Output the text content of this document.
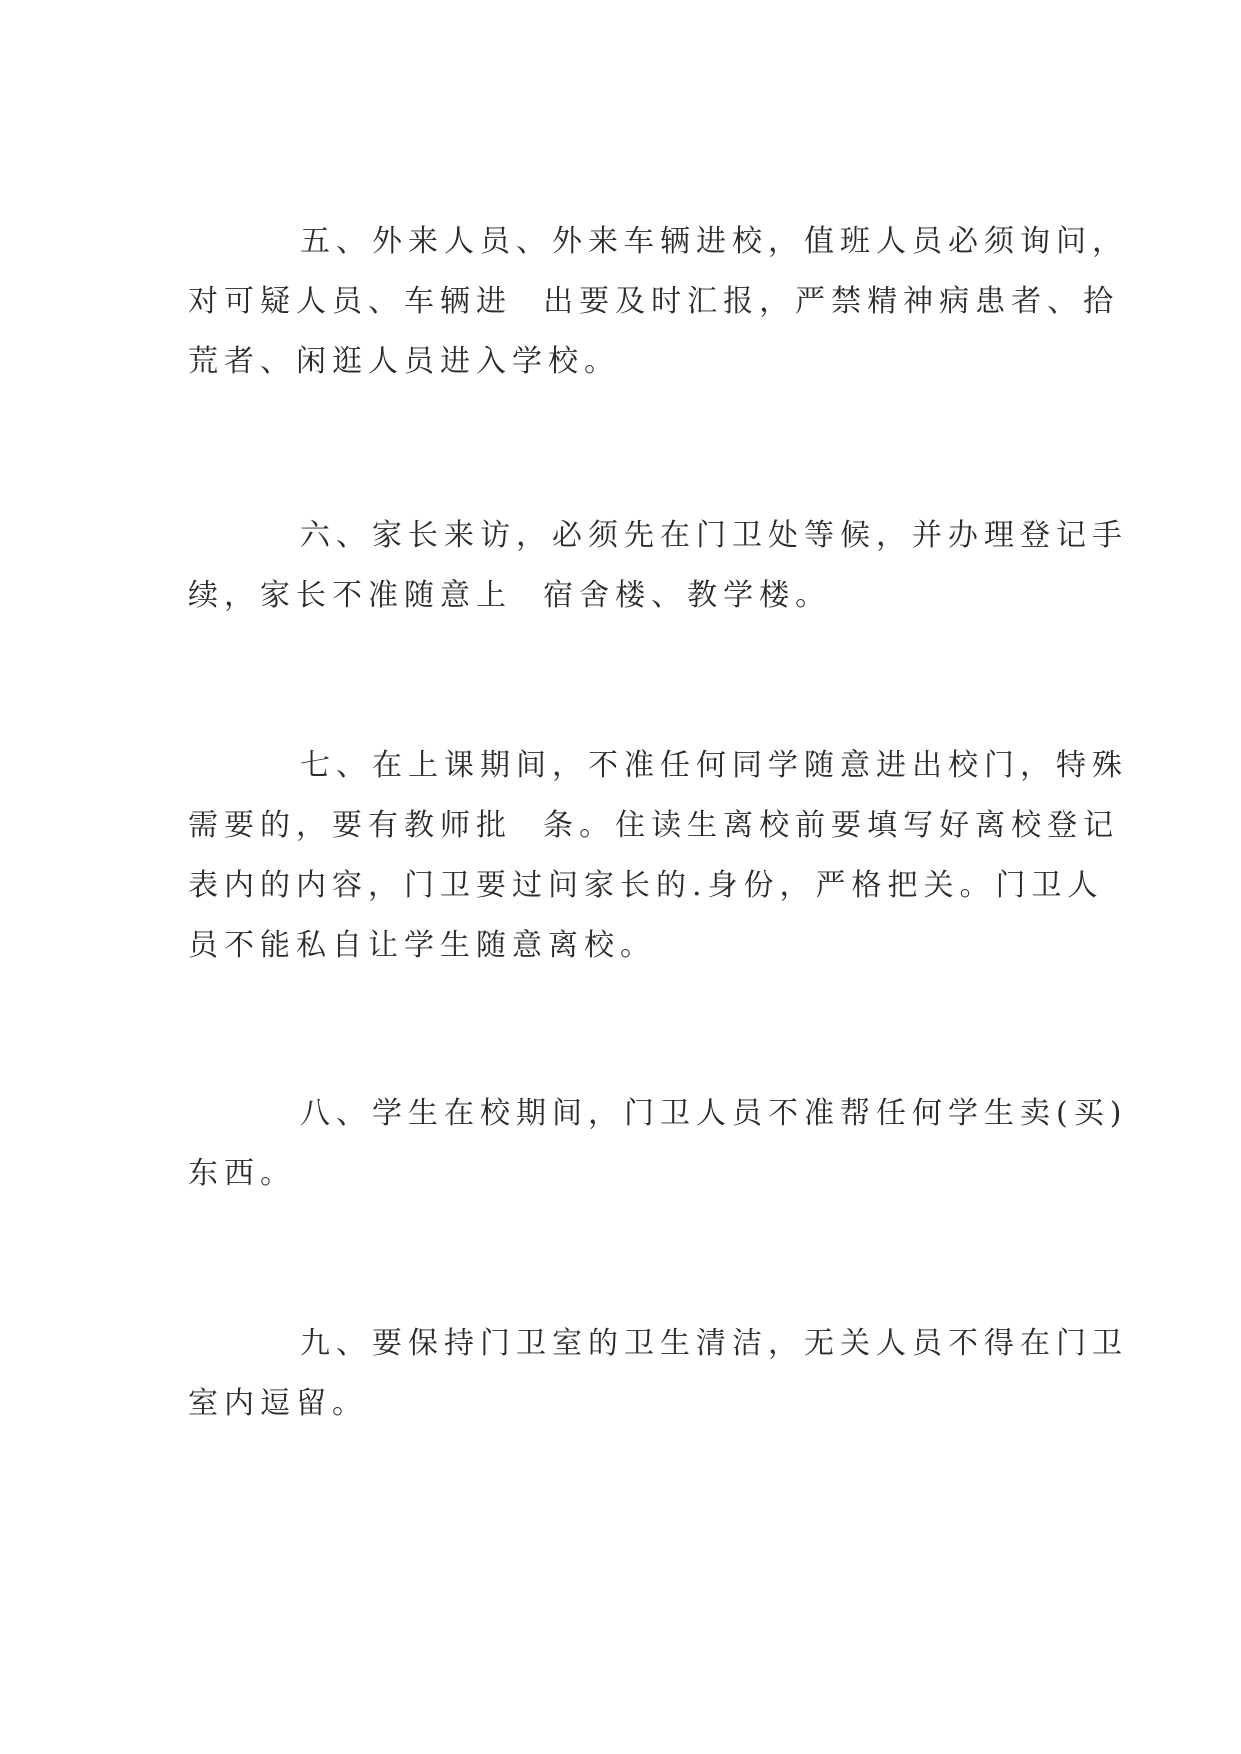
五、外来人员、外来车辆进校，值班人员必须询问，
对可疑人员、车辆进  出要及时汇报，严禁精神病患者、拾
荒者、闲逛人员进入学校。
六、家长来访，必须先在门卫处等候，并办理登记手
续，家长不准随意上  宿舍楼、教学楼。
七、在上课期间，不准任何同学随意进出校门，特殊
需要的，要有教师批  条。住读生离校前要填写好离校登记
表内的内容，门卫要过问家长的.身份，严格把关。门卫人
员不能私自让学生随意离校。
八、学生在校期间，门卫人员不准帮任何学生卖(买)
东西。
九、要保持门卫室的卫生清洁，无关人员不得在门卫
室内逗留。
